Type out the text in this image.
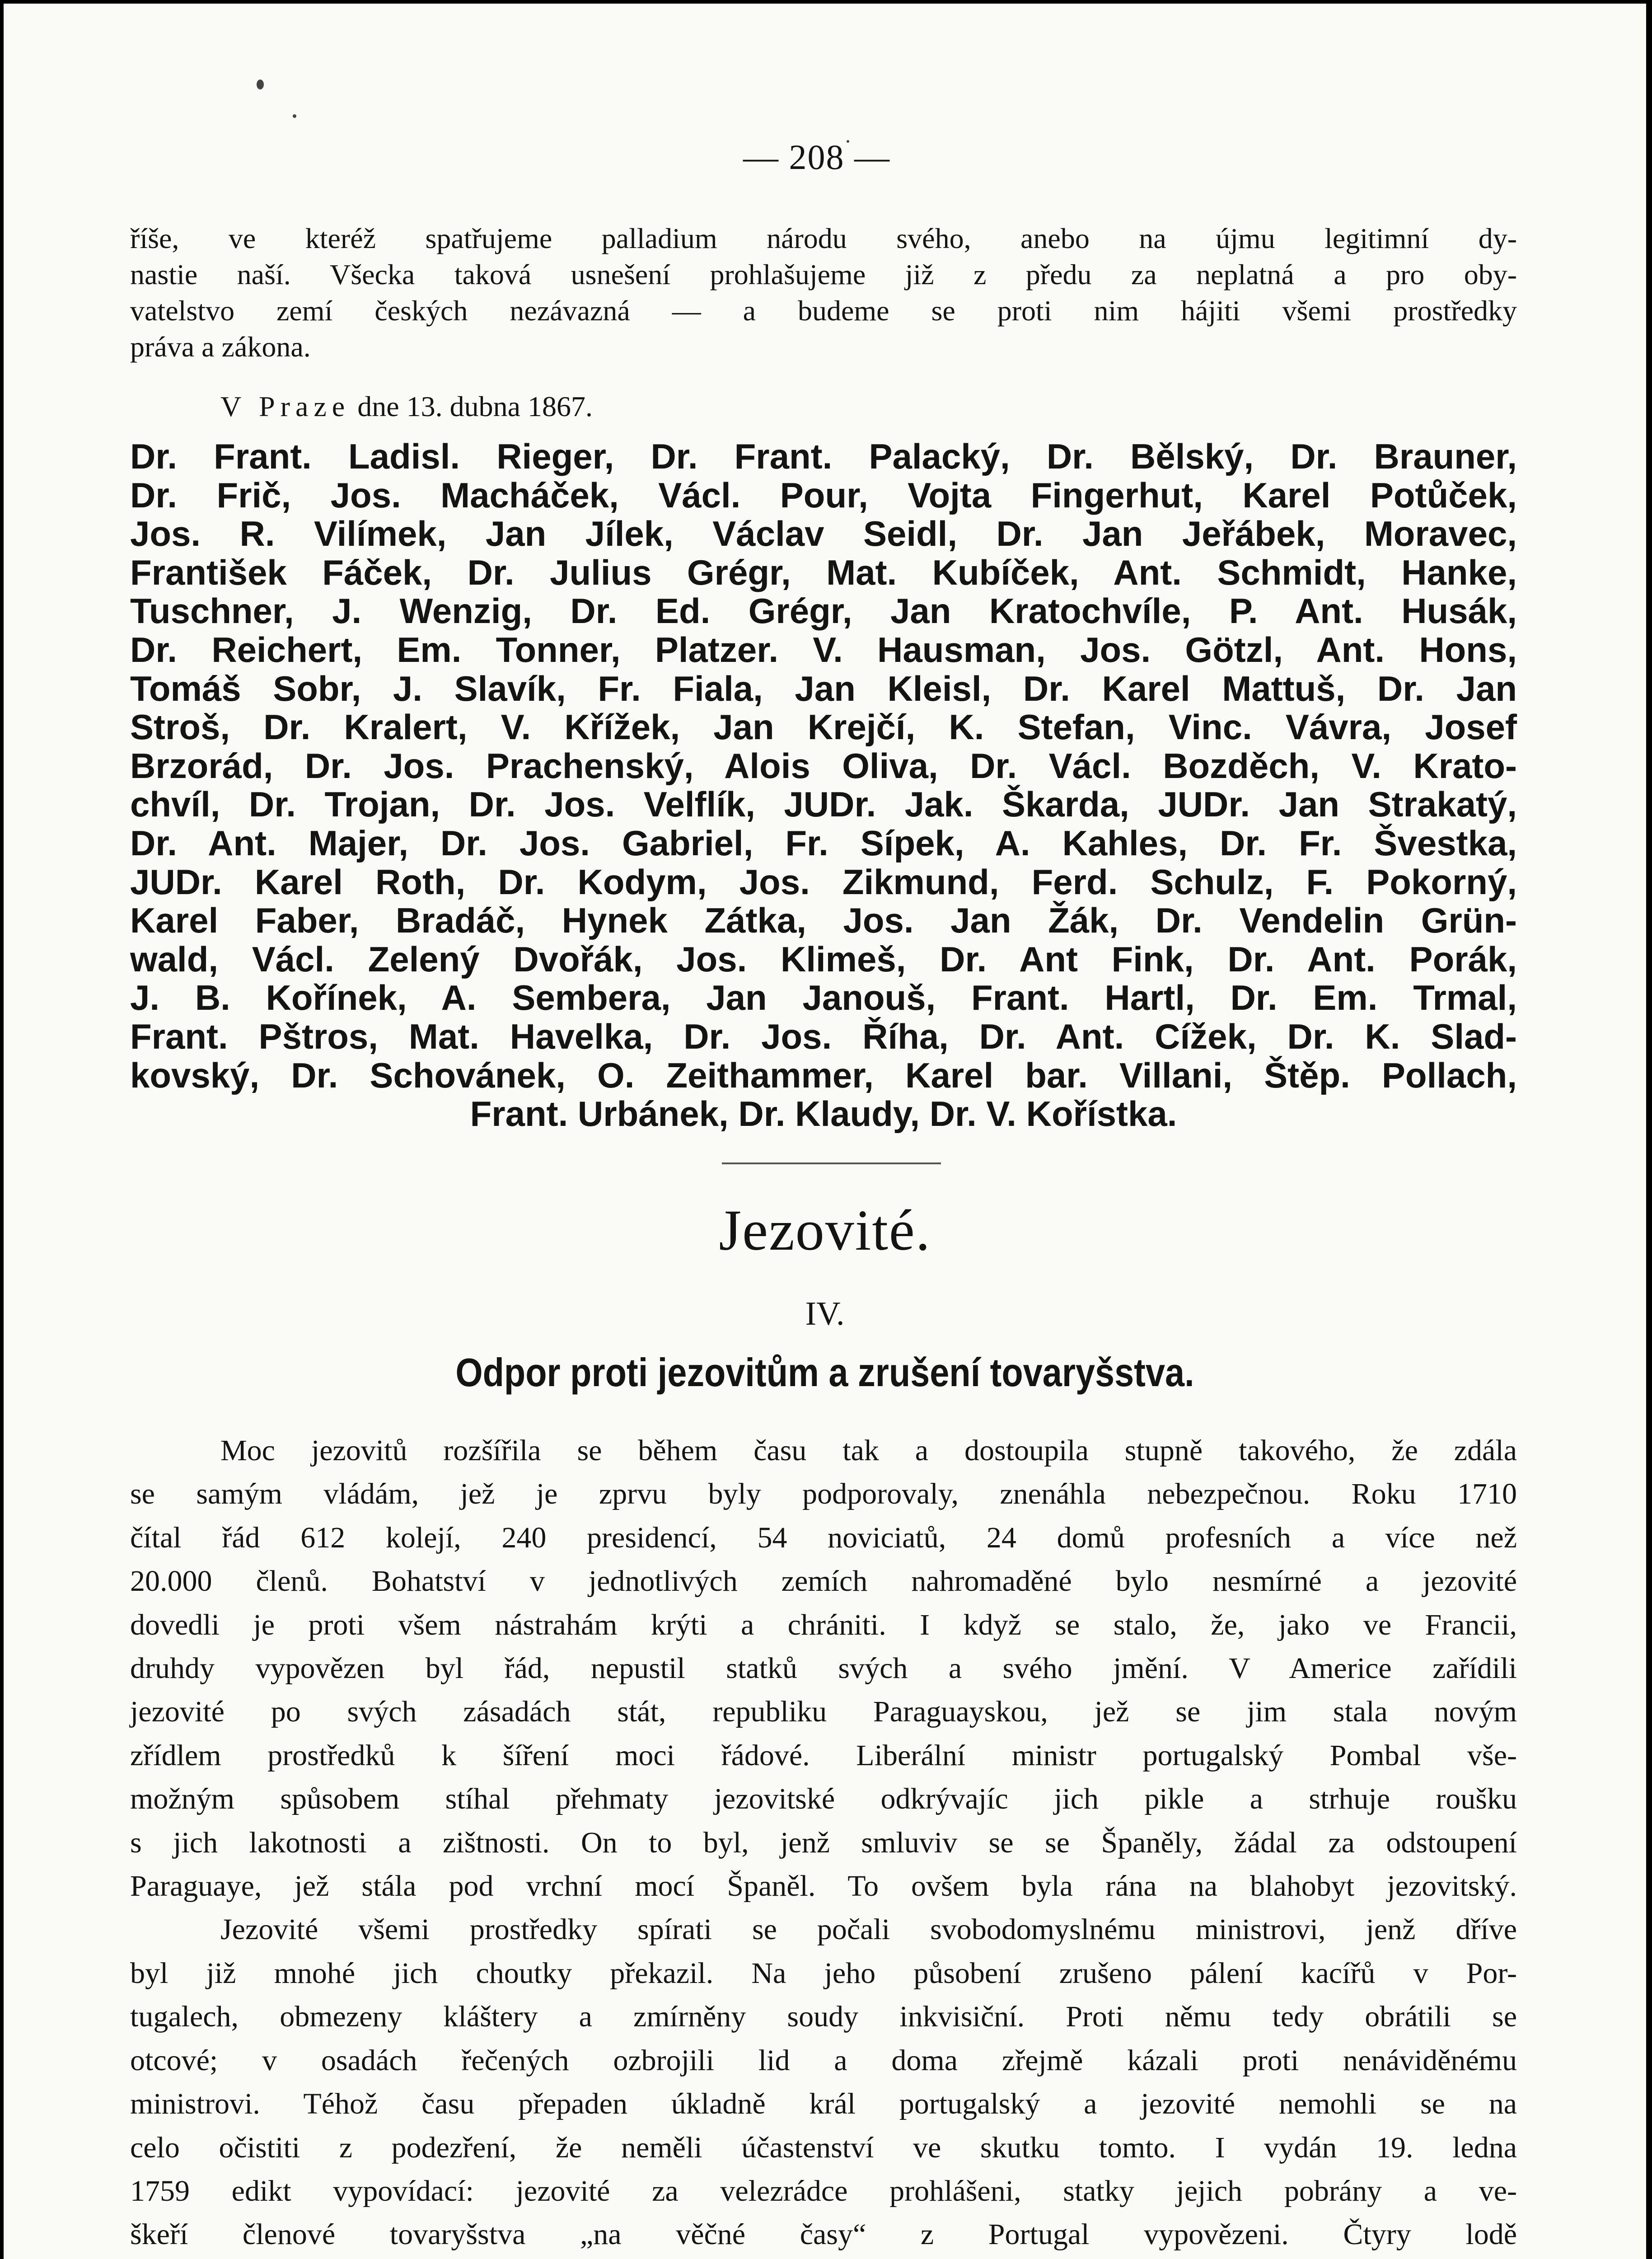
— 208 —
říše, ve kteréž spatřujeme palladium národu svého, anebo na újmu legitimní dy-
nastie naší. Všecka taková usnešení prohlašujeme již z předu za neplatná a pro oby-
vatelstvo zemí českých nezávazná — a budeme se proti nim hájiti všemi prostředky
práva a zákona.
V Praze dne 13. dubna 1867.
Dr. Frant. Ladisl. Rieger, Dr. Frant. Palacký, Dr. Bělský, Dr. Brauner,
Dr. Frič, Jos. Macháček, Václ. Pour, Vojta Fingerhut, Karel Potůček,
Jos. R. Vilímek, Jan Jílek, Václav Seidl, Dr. Jan Jeřábek, Moravec,
František Fáček, Dr. Julius Grégr, Mat. Kubíček, Ant. Schmidt, Hanke,
Tuschner, J. Wenzig, Dr. Ed. Grégr, Jan Kratochvíle, P. Ant. Husák,
Dr. Reichert, Em. Tonner, Platzer. V. Hausman, Jos. Götzl, Ant. Hons,
Tomáš Sobr, J. Slavík, Fr. Fiala, Jan Kleisl, Dr. Karel Mattuš, Dr. Jan
Stroš, Dr. Kralert, V. Křížek, Jan Krejčí, K. Stefan, Vinc. Vávra, Josef
Brzorád, Dr. Jos. Prachenský, Alois Oliva, Dr. Václ. Bozděch, V. Krato-
chvíl, Dr. Trojan, Dr. Jos. Velflík, JUDr. Jak. Škarda, JUDr. Jan Strakatý,
Dr. Ant. Majer, Dr. Jos. Gabriel, Fr. Sípek, A. Kahles, Dr. Fr. Švestka,
JUDr. Karel Roth, Dr. Kodym, Jos. Zikmund, Ferd. Schulz, F. Pokorný,
Karel Faber, Bradáč, Hynek Zátka, Jos. Jan Žák, Dr. Vendelin Grün-
wald, Václ. Zelený Dvořák, Jos. Klimeš, Dr. Ant Fink, Dr. Ant. Porák,
J. B. Kořínek, A. Sembera, Jan Janouš, Frant. Hartl, Dr. Em. Trmal,
Frant. Pštros, Mat. Havelka, Dr. Jos. Říha, Dr. Ant. Cížek, Dr. K. Slad-
kovský, Dr. Schovánek, O. Zeithammer, Karel bar. Villani, Štěp. Pollach,
Frant. Urbánek, Dr. Klaudy, Dr. V. Kořístka.
Jezovité.
IV.
Odpor proti jezovitům a zrušení tovaryšstva.
Moc jezovitů rozšířila se během času tak a dostoupila stupně takového, že zdála
se samým vládám, jež je zprvu byly podporovaly, znenáhla nebezpečnou. Roku 1710
čítal řád 612 kolejí, 240 presidencí, 54 noviciatů, 24 domů profesních a více než
20.000 členů. Bohatství v jednotlivých zemích nahromaděné bylo nesmírné a jezovité
dovedli je proti všem nástrahám krýti a chrániti. I když se stalo, že, jako ve Francii,
druhdy vypovězen byl řád, nepustil statků svých a svého jmění. V Americe zařídili
jezovité po svých zásadách stát, republiku Paraguayskou, jež se jim stala novým
zřídlem prostředků k šíření moci řádové. Liberální ministr portugalský Pombal vše-
možným spůsobem stíhal přehmaty jezovitské odkrývajíc jich pikle a strhuje roušku
s jich lakotnosti a zištnosti. On to byl, jenž smluviv se se Španěly, žádal za odstoupení
Paraguaye, jež stála pod vrchní mocí Španěl. To ovšem byla rána na blahobyt jezovitský.
Jezovité všemi prostředky spírati se počali svobodomyslnému ministrovi, jenž dříve
byl již mnohé jich choutky překazil. Na jeho působení zrušeno pálení kacířů v Por-
tugalech, obmezeny kláštery a zmírněny soudy inkvisiční. Proti němu tedy obrátili se
otcové; v osadách řečených ozbrojili lid a doma zřejmě kázali proti nenáviděnému
ministrovi. Téhož času přepaden úkladně král portugalský a jezovité nemohli se na
celo očistiti z podezření, že neměli účastenství ve skutku tomto. I vydán 19. ledna
1759 edikt vypovídací: jezovité za velezrádce prohlášeni, statky jejich pobrány a ve-
škeří členové tovaryšstva „na věčné časy“ z Portugal vypovězeni. Čtyry lodě
